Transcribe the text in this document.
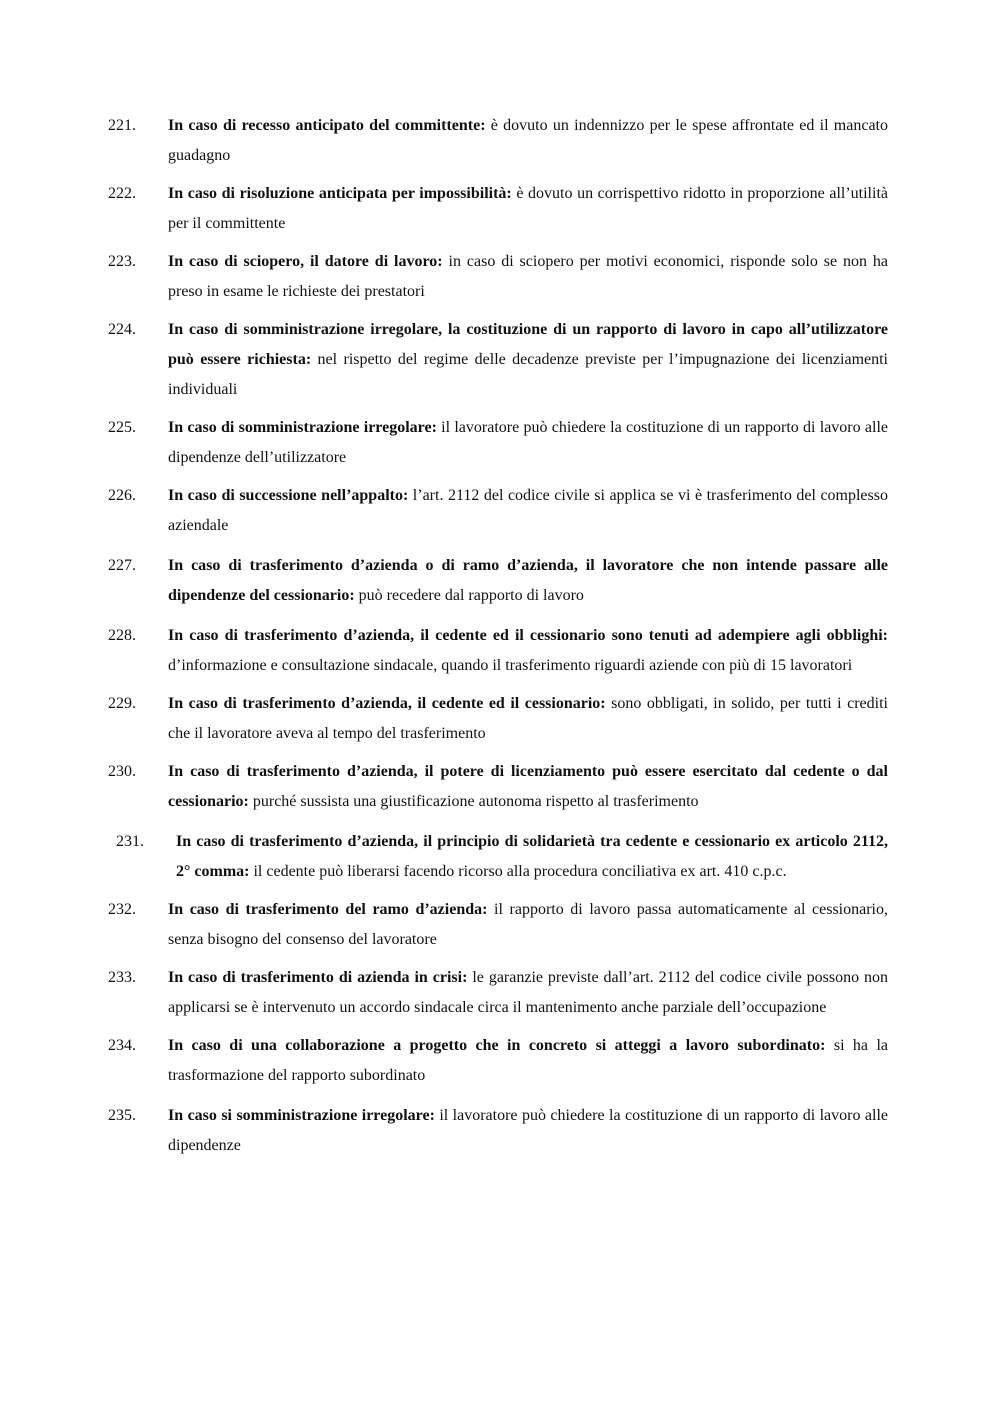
221.	In caso di recesso anticipato del committente: è dovuto un indennizzo per le spese affrontate ed il mancato guadagno

222.	In caso di risoluzione anticipata per impossibilità: è dovuto un corrispettivo ridotto in proporzione all’utilità per il committente

223.	In caso di sciopero, il datore di lavoro: in caso di sciopero per motivi economici, risponde solo se non ha preso in esame le richieste dei prestatori

224.	In caso di somministrazione irregolare, la costituzione di un rapporto di lavoro in capo all’utilizzatore può essere richiesta: nel rispetto del regime delle decadenze previste per l’impugnazione dei licenziamenti individuali

225.	In caso di somministrazione irregolare: il lavoratore può chiedere la costituzione di un rapporto di lavoro alle dipendenze dell’utilizzatore

226.	In caso di successione nell’appalto: l’art. 2112 del codice civile si applica se vi è trasferimento del complesso aziendale

227.	In caso di trasferimento d’azienda o di ramo d’azienda, il lavoratore che non intende passare alle dipendenze del cessionario: può recedere dal rapporto di lavoro

228.	In caso di trasferimento d’azienda, il cedente ed il cessionario sono tenuti ad adempiere agli obblighi: d’informazione e consultazione sindacale, quando il trasferimento riguardi aziende con più di 15 lavoratori

229.	In caso di trasferimento d’azienda, il cedente ed il cessionario: sono obbligati, in solido, per tutti i crediti che il lavoratore aveva al tempo del trasferimento

230.	In caso di trasferimento d’azienda, il potere di licenziamento può essere esercitato dal cedente o dal cessionario: purché sussista una giustificazione autonoma rispetto al trasferimento

231.	In caso di trasferimento d’azienda, il principio di solidarietà tra cedente e cessionario ex articolo 2112, 2° comma: il cedente può liberarsi facendo ricorso alla procedura conciliativa ex art. 410 c.p.c.

232.	In caso di trasferimento del ramo d’azienda: il rapporto di lavoro passa automaticamente al cessionario, senza bisogno del consenso del lavoratore

233.	In caso di trasferimento di azienda in crisi: le garanzie previste dall’art. 2112 del codice civile possono non applicarsi se è intervenuto un accordo sindacale circa il mantenimento anche parziale dell’occupazione

234.	In caso di una collaborazione a progetto che in concreto si atteggi a lavoro subordinato: si ha la trasformazione del rapporto subordinato

235.	In caso si somministrazione irregolare: il lavoratore può chiedere la costituzione di un rapporto di lavoro alle dipendenze
